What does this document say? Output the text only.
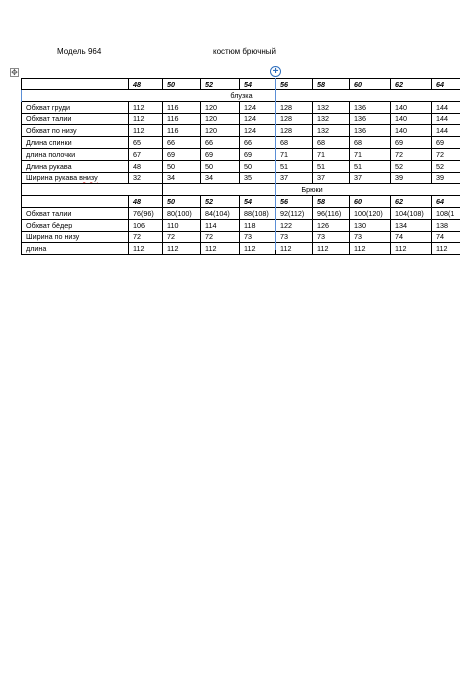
Модель 964	костюм брючный
✥	+
48	50	52	54	56	58	60	62	64
блузка
Обхват груди	112	116	120	124	128	132	136	140	144
Обхват талии	112	116	120	124	128	132	136	140	144
Обхват по низу	112	116	120	124	128	132	136	140	144
Длина спинки	65	66	66	66	68	68	68	69	69
длина полочки	67	69	69	69	71	71	71	72	72
Длина рукава	48	50	50	50	51	51	51	52	52
Ширина рукава внизу	32	34	34	35	37	37	37	39	39
Брюки
48	50	52	54	56	58	60	62	64
Обхват талии	76(96)	80(100)	84(104)	88(108)	92(112)	96(116)	100(120)	104(108)	108(1
Обхват бёдер	106	110	114	118	122	126	130	134	138
Ширина по низу	72	72	72	73	73	73	73	74	74
длина	112	112	112	112	112	112	112	112	112
